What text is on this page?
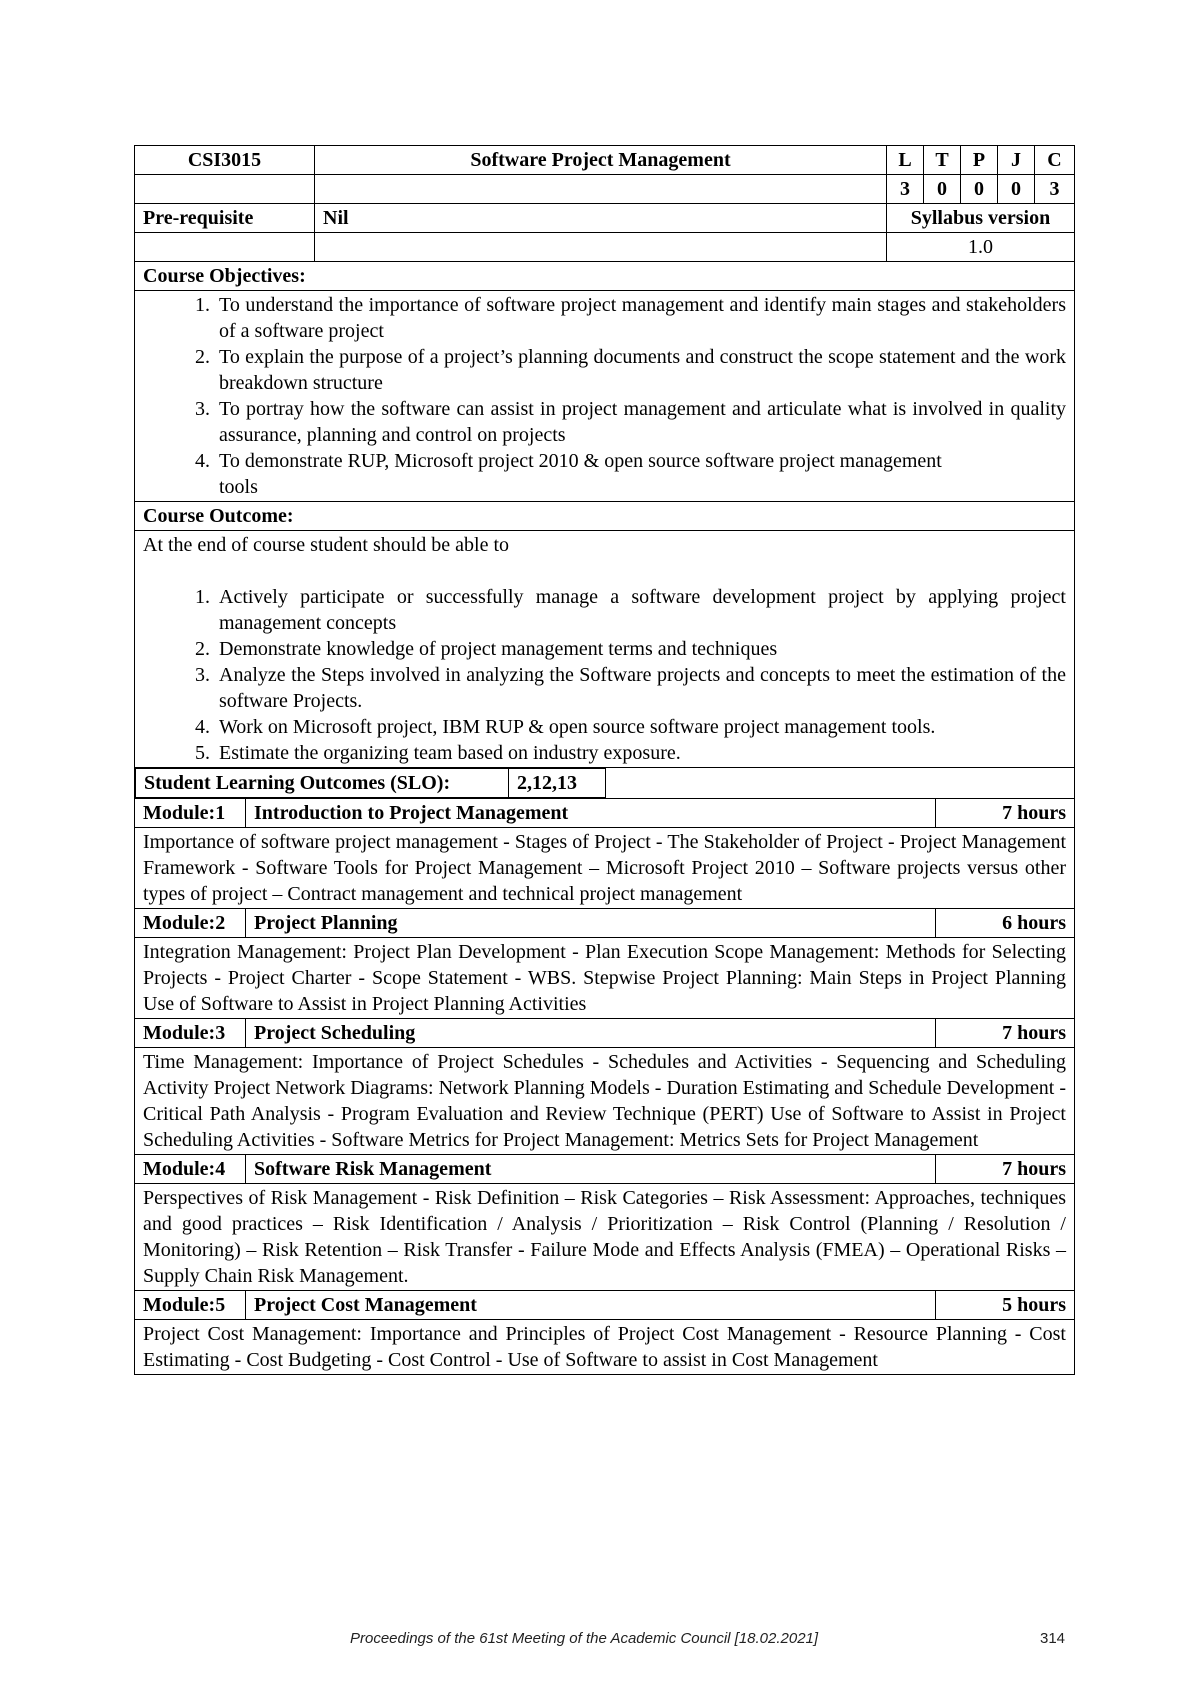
CSI3015	Software Project Management	L	T	P	J	C
		3	0	0	0	3
Pre-requisite	Nil	Syllabus version
		1.0
Course Objectives:

1. To understand the importance of software project management and identify main stages and stakeholders of a software project
2. To explain the purpose of a project’s planning documents and construct the scope statement and the work breakdown structure
3. To portray how the software can assist in project management and articulate what is involved in quality assurance, planning and control on projects
4. To demonstrate RUP, Microsoft project 2010 & open source software project management
tools

Course Outcome:

At the end of course student should be able to
1. Actively participate or successfully manage a software development project by applying project management concepts
2. Demonstrate knowledge of project management terms and techniques
3. Analyze the Steps involved in analyzing the Software projects and concepts to meet the estimation of the software Projects.
4. Work on Microsoft project, IBM RUP & open source software project management tools.
5. Estimate the organizing team based on industry exposure.

Student Learning Outcomes (SLO):	2,12,13

Module:1	Introduction to Project Management	7 hours

Importance of software project management - Stages of Project - The Stakeholder of Project - Project Management Framework - Software Tools for Project Management – Microsoft Project 2010 – Software projects versus other types of project – Contract management and technical project management

Module:2	Project Planning	6 hours

Integration Management: Project Plan Development - Plan Execution Scope Management: Methods for Selecting Projects - Project Charter - Scope Statement - WBS. Stepwise Project Planning: Main Steps in Project Planning Use of Software to Assist in Project Planning Activities

Module:3	Project Scheduling	7 hours

Time Management: Importance of Project Schedules - Schedules and Activities - Sequencing and Scheduling Activity Project Network Diagrams: Network Planning Models - Duration Estimating and Schedule Development - Critical Path Analysis - Program Evaluation and Review Technique (PERT) Use of Software to Assist in Project Scheduling Activities - Software Metrics for Project Management: Metrics Sets for Project Management

Module:4	Software Risk Management	7 hours

Perspectives of Risk Management - Risk Definition – Risk Categories – Risk Assessment: Approaches, techniques and good practices – Risk Identification / Analysis / Prioritization – Risk Control (Planning / Resolution / Monitoring) – Risk Retention – Risk Transfer - Failure Mode and Effects Analysis (FMEA) – Operational Risks – Supply Chain Risk Management.

Module:5	Project Cost Management	5 hours

Project Cost Management: Importance and Principles of Project Cost Management - Resource Planning - Cost Estimating - Cost Budgeting - Cost Control - Use of Software to assist in Cost Management
Proceedings of the 61st Meeting of the Academic Council [18.02.2021]	314
